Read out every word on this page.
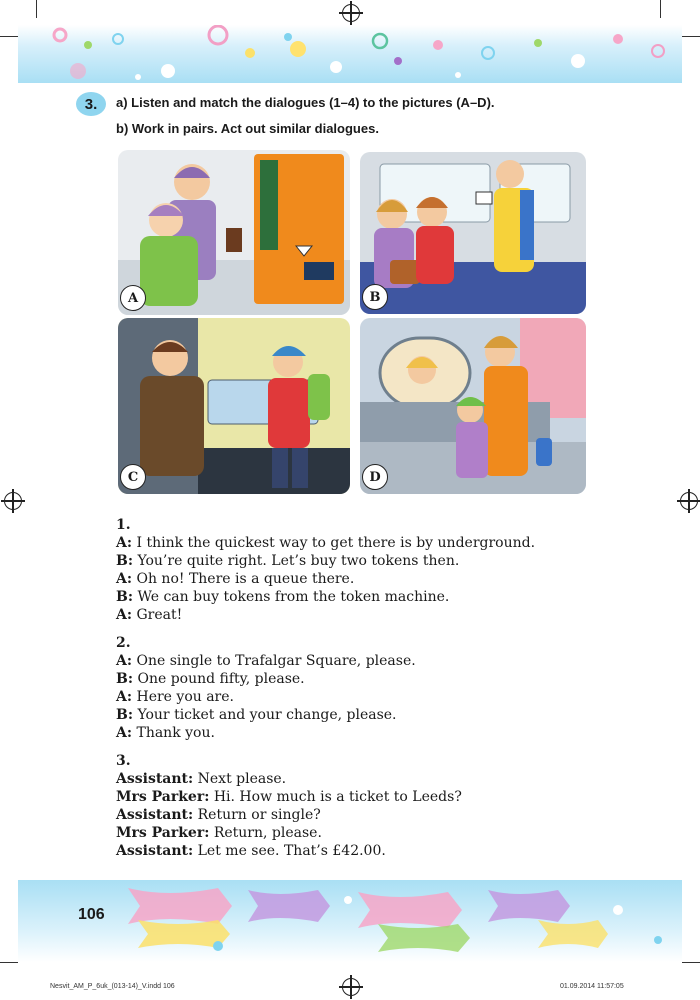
3.	a) Listen and match the dialogues (1–4) to the pictures (A–D).
b) Work in pairs. Act out similar dialogues.
A	B
C	D
1.
A: I think the quickest way to get there is by underground.
B: You’re quite right. Let’s buy two tokens then.
A: Oh no! There is a queue there.
B: We can buy tokens from the token machine.
A: Great!
2.
A: One single to Trafalgar Square, please.
B: One pound fifty, please.
A: Here you are.
B: Your ticket and your change, please.
A: Thank you.
3.
Assistant: Next please.
Mrs Parker: Hi. How much is a ticket to Leeds?
Assistant: Return or single?
Mrs Parker: Return, please.
Assistant: Let me see. That’s £42.00.
106
Nesvit_AM_P_6uk_(013-14)_V.indd 106	01.09.2014 11:57:05
